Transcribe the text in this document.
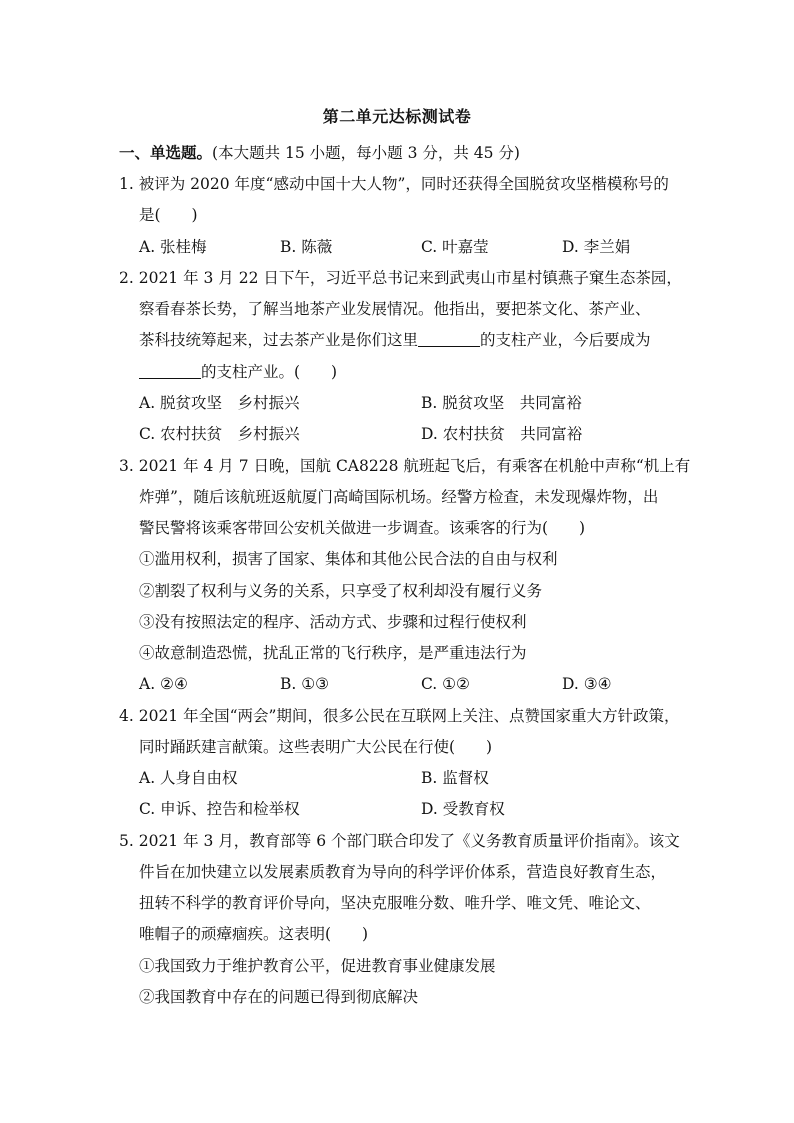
第二单元达标测试卷
一、单选题。(本大题共 15 小题，每小题 3 分，共 45 分)
1. 被评为 2020 年度“感动中国十大人物”，同时还获得全国脱贫攻坚楷模称号的
是(　　)
A. 张桂梅	B. 陈薇	C. 叶嘉莹	D. 李兰娟
2. 2021 年 3 月 22 日下午，习近平总书记来到武夷山市星村镇燕子窠生态茶园，
察看春茶长势，了解当地茶产业发展情况。他指出，要把茶文化、茶产业、
茶科技统筹起来，过去茶产业是你们这里	的支柱产业，今后要成为
的支柱产业。(　　)
A. 脱贫攻坚　乡村振兴	B. 脱贫攻坚　共同富裕
C. 农村扶贫　乡村振兴	D. 农村扶贫　共同富裕
3. 2021 年 4 月 7 日晚，国航 CA8228 航班起飞后，有乘客在机舱中声称“机上有
炸弹”，随后该航班返航厦门高崎国际机场。经警方检查，未发现爆炸物，出
警民警将该乘客带回公安机关做进一步调查。该乘客的行为(　　)
①滥用权利，损害了国家、集体和其他公民合法的自由与权利
②割裂了权利与义务的关系，只享受了权利却没有履行义务
③没有按照法定的程序、活动方式、步骤和过程行使权利
④故意制造恐慌，扰乱正常的飞行秩序，是严重违法行为
A. ②④	B. ①③	C. ①②	D. ③④
4. 2021 年全国“两会”期间，很多公民在互联网上关注、点赞国家重大方针政策，
同时踊跃建言献策。这些表明广大公民在行使(　　)
A. 人身自由权	B. 监督权
C. 申诉、控告和检举权	D. 受教育权
5. 2021 年 3 月，教育部等 6 个部门联合印发了《义务教育质量评价指南》。该文
件旨在加快建立以发展素质教育为导向的科学评价体系，营造良好教育生态，
扭转不科学的教育评价导向，坚决克服唯分数、唯升学、唯文凭、唯论文、
唯帽子的顽瘴痼疾。这表明(　　)
①我国致力于维护教育公平，促进教育事业健康发展
②我国教育中存在的问题已得到彻底解决
